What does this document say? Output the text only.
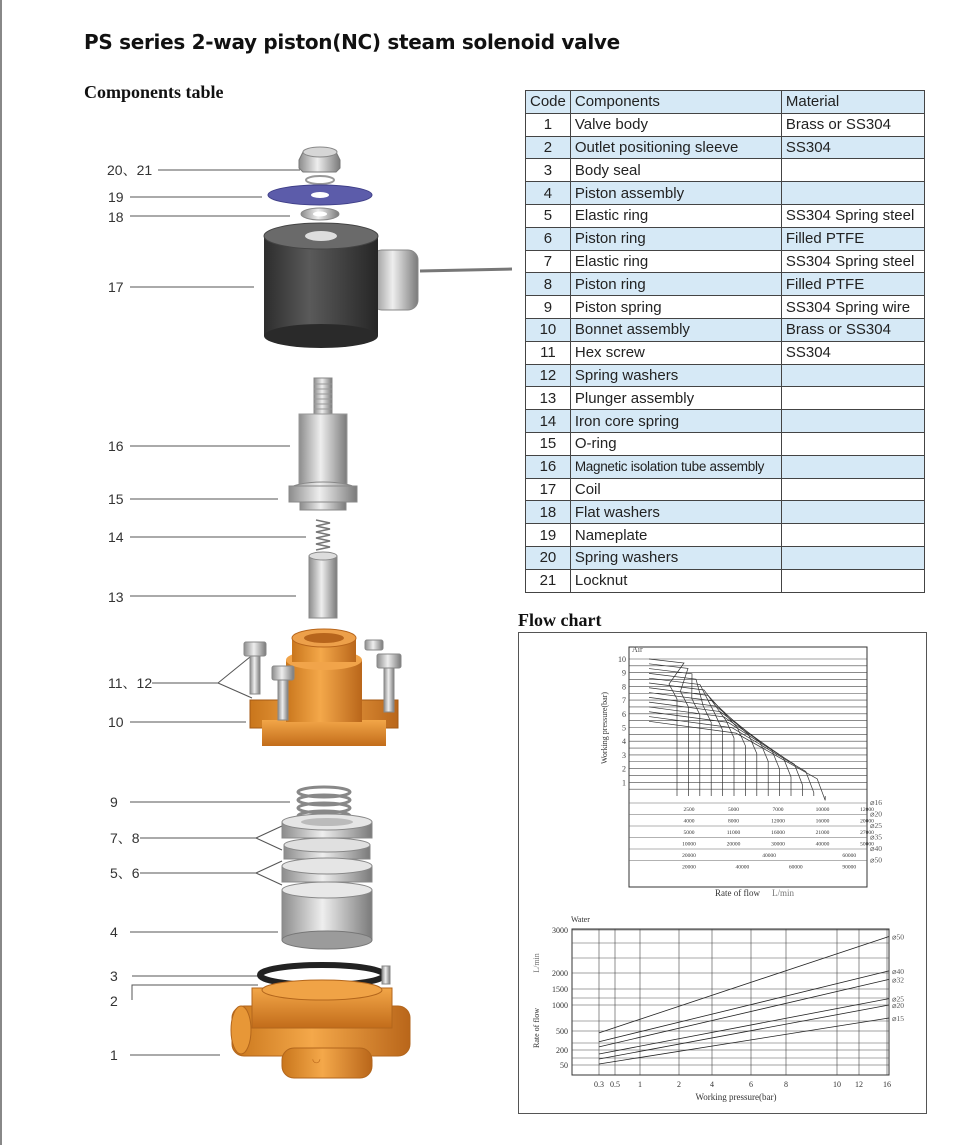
PS series 2-way piston(NC) steam solenoid valve
Components table
Flow chart
20、21
19
18
17
16
15
14
13
11、12
10
9
7、8
5、6
4
3
2
1	◡
Code	Components	Material
1	Valve body	Brass or SS304
2	Outlet positioning sleeve	SS304
3	Body seal	
4	Piston assembly	
5	Elastic ring	SS304 Spring steel
6	Piston ring	Filled PTFE
7	Elastic ring	SS304 Spring steel
8	Piston ring	Filled PTFE
9	Piston spring	SS304 Spring wire
10	Bonnet assembly	Brass or SS304
11	Hex screw	SS304
12	Spring washers	
13	Plunger assembly	
14	Iron core spring	
15	O-ring	
16	Magnetic isolation tube assembly	
17	Coil	
18	Flat washers	
19	Nameplate	
20	Spring washers	
21	Locknut	
Air
1
2
3
4
5
6
7
8
9
10
Working pressure(bar)
⌀16
2500	5000	7000	10000	12000
⌀20
4000	8000	12000	16000	20000
⌀25
5000	11000	16000	21000	27000
⌀35
10000	20000	30000	40000	50000
⌀40
20000	40000	60000 ⌀50
20000	40000	60000	90000
Rate of flow L/min
Water
50
200
500
1000
1500
2000
3000
0.3 0.5 1	2	4	6	8	10 12	16
Working pressure(bar)
Rate of flow
L/min
⌀50
⌀40
⌀32
⌀25
⌀20
⌀15
